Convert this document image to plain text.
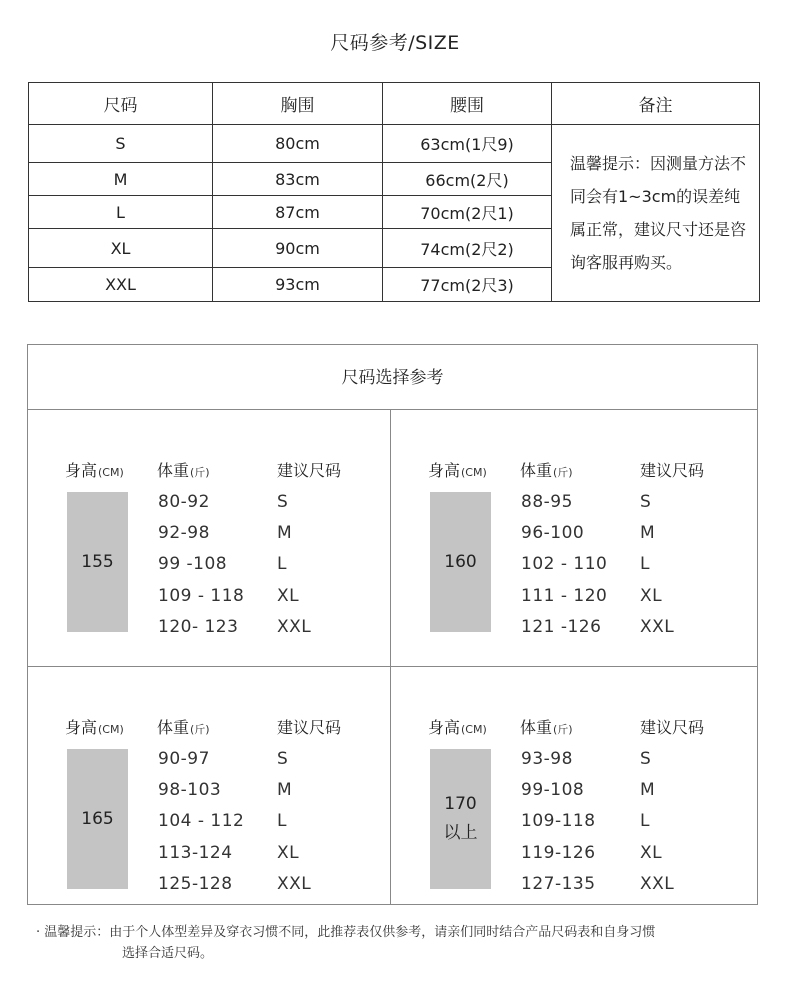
尺码参考/SIZE
尺码	胸围	腰围	备注
S	80cm	63cm(1尺9)	温馨提示：因测量方法不同会有1~3cm的误差纯属正常，建议尺寸还是咨询客服再购买。
M	83cm	66cm(2尺)	
L	87cm	70cm(2尺1)	
XL	90cm	74cm(2尺2)	
XXL	93cm	77cm(2尺3)	
尺码选择参考
身高(CM) 体重(斤)	建议尺码
155
80-92	S
92-98	M
99 -108	L
109 - 118 XL
120- 123 XXL
身高(CM) 体重(斤)	建议尺码
160
88-95	S
96-100	M
102 - 110 L
111 - 120 XL
121 -126 XXL
身高(CM) 体重(斤)	建议尺码
165
90-97	S
98-103	M
104 - 112 L
113-124	XL
125-128	XXL
身高(CM) 体重(斤)	建议尺码
170
以上
93-98	S
99-108	M
109-118	L
119-126	XL
127-135	XXL
· 温馨提示：由于个人体型差异及穿衣习惯不同，此推荐表仅供参考，请亲们同时结合产品尺码表和自身习惯
选择合适尺码。
